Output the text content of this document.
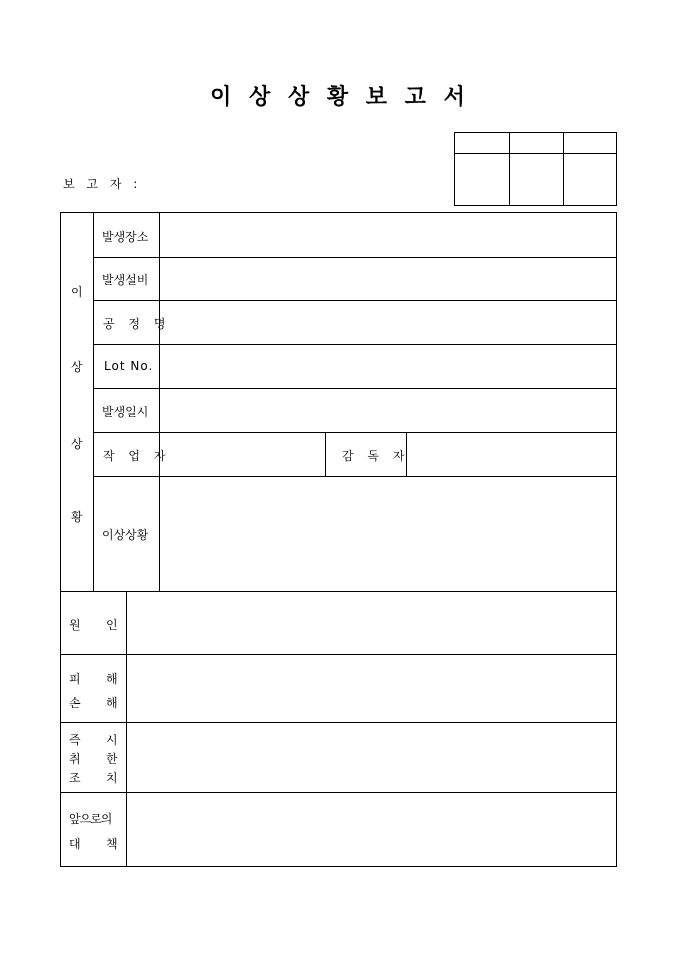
이 상 상 황 보 고 서
보 고 자 :
이
상
상
황
발생장소
발생설비
공 정 명
Lot No.
발생일시
작 업 자	감 독 자
이상상황
원 인
피 해
손 해
즉 시
취 한
조 치
앞으로의
대 책
